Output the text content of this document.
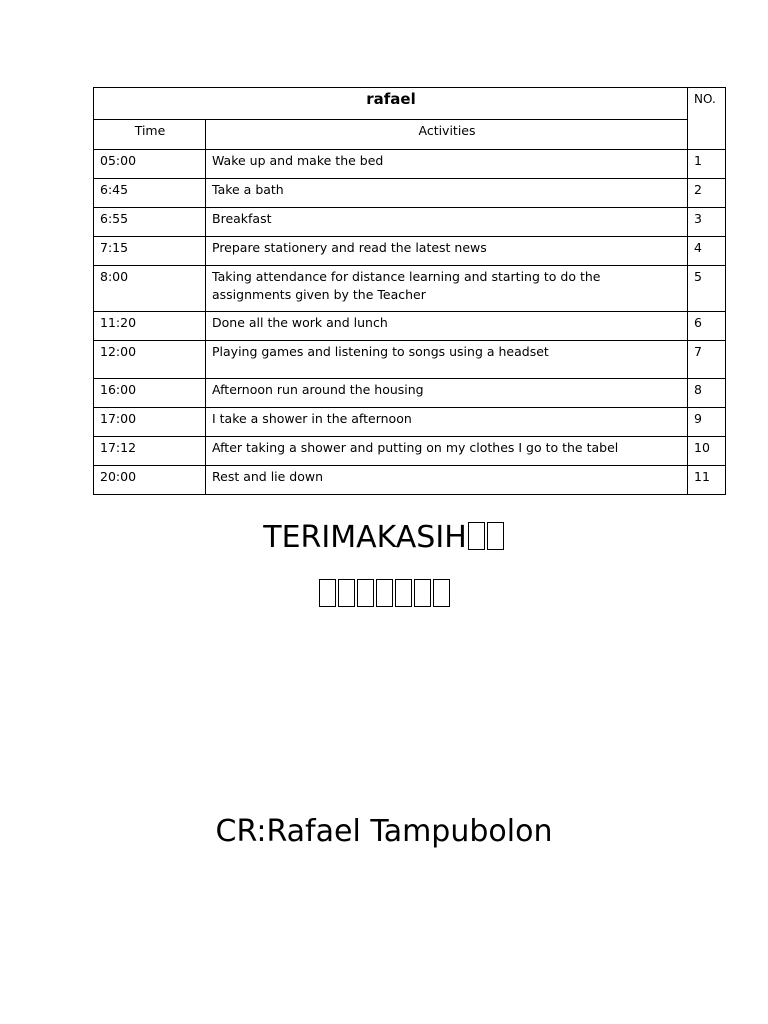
rafael		NO.
Time	Activities	
05:00	Wake up and make the bed	1
6:45	Take a bath	2
6:55	Breakfast	3
7:15	Prepare stationery and read the latest news	4
8:00	Taking attendance for distance learning and starting to do the assignments given by the Teacher	5
11:20	Done all the work and lunch	6
12:00	Playing games and listening to songs using a headset	7
16:00	Afternoon run around the housing	8
17:00	I take a shower in the afternoon	9
17:12	After taking a shower and putting on my clothes I go to the tabel	10
20:00	Rest and lie down	11
TERIMAKASIH
CR:Rafael Tampubolon
